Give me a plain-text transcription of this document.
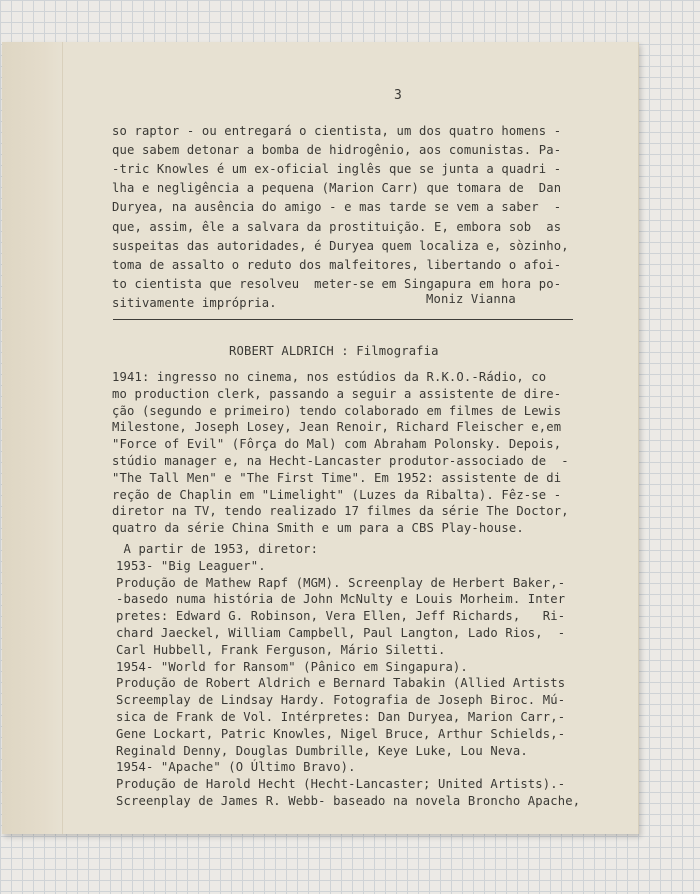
3
so raptor - ou entregará o cientista, um dos quatro homens -
que sabem detonar a bomba de hidrogênio, aos comunistas. Pa-
-tric Knowles é um ex-oficial inglês que se junta a quadri -
lha e negligência a pequena (Marion Carr) que tomara de  Dan
Duryea, na ausência do amigo - e mas tarde se vem a saber  -
que, assim, êle a salvara da prostituição. E, embora sob  as
suspeitas das autoridades, é Duryea quem localiza e, sòzinho,
toma de assalto o reduto dos malfeitores, libertando o afoi-
to cientista que resolveu  meter-se em Singapura em hora po-
sitivamente imprópria.	Moniz Vianna
ROBERT ALDRICH : Filmografia
1941: ingresso no cinema, nos estúdios da R.K.O.-Rádio, co
mo production clerk, passando a seguir a assistente de dire-
ção (segundo e primeiro) tendo colaborado em filmes de Lewis
Milestone, Joseph Losey, Jean Renoir, Richard Fleischer e,em
"Force of Evil" (Fôrça do Mal) com Abraham Polonsky. Depois,
stúdio manager e, na Hecht-Lancaster produtor-associado de  -
"The Tall Men" e "The First Time". Em 1952: assistente de di
reção de Chaplin em "Limelight" (Luzes da Ribalta). Fêz-se -
diretor na TV, tendo realizado 17 filmes da série The Doctor,
quatro da série China Smith e um para a CBS Play-house.
A partir de 1953, diretor:
1953- "Big Leaguer".
Produção de Mathew Rapf (MGM). Screenplay de Herbert Baker,-
-basedo numa história de John McNulty e Louis Morheim. Inter
pretes: Edward G. Robinson, Vera Ellen, Jeff Richards,   Ri-
chard Jaeckel, William Campbell, Paul Langton, Lado Rios,  -
Carl Hubbell, Frank Ferguson, Mário Siletti.
1954- "World for Ransom" (Pânico em Singapura).
Produção de Robert Aldrich e Bernard Tabakin (Allied Artists
Screemplay de Lindsay Hardy. Fotografia de Joseph Biroc. Mú-
sica de Frank de Vol. Intérpretes: Dan Duryea, Marion Carr,-
Gene Lockart, Patric Knowles, Nigel Bruce, Arthur Schields,-
Reginald Denny, Douglas Dumbrille, Keye Luke, Lou Neva.
1954- "Apache" (O Último Bravo).
Produção de Harold Hecht (Hecht-Lancaster; United Artists).-
Screenplay de James R. Webb- baseado na novela Broncho Apache,
